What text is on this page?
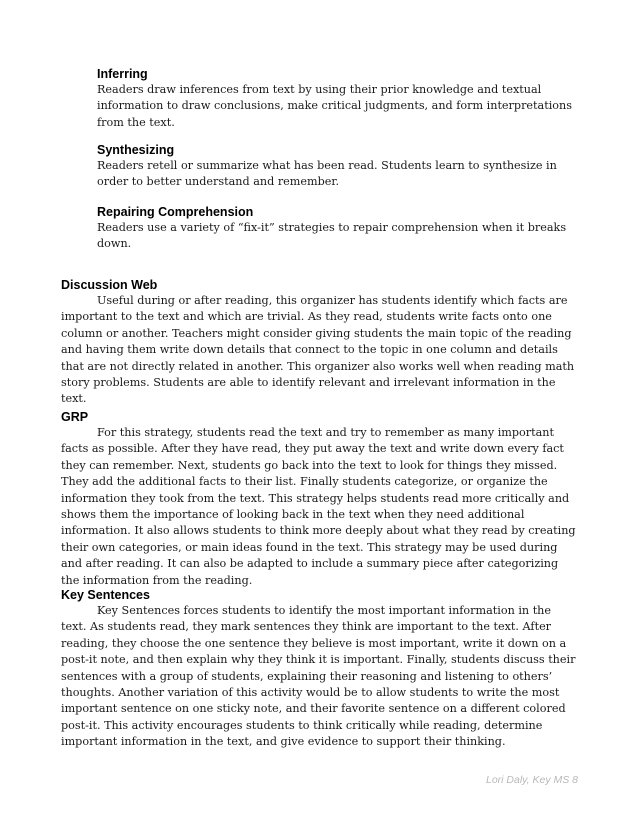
Inferring

Readers draw inferences from text by using their prior knowledge and textual information to draw conclusions, make critical judgments, and form interpretations from the text.

Synthesizing

Readers retell or summarize what has been read. Students learn to synthesize in order to better understand and remember.

Repairing Comprehension

Readers use a variety of “fix-it” strategies to repair comprehension when it breaks down.

Discussion Web

Useful during or after reading, this organizer has students identify which facts are important to the text and which are trivial. As they read, students write facts onto one column or another. Teachers might consider giving students the main topic of the reading and having them write down details that connect to the topic in one column and details that are not directly related in another. This organizer also works well when reading math story problems. Students are able to identify relevant and irrelevant information in the text.

GRP

For this strategy, students read the text and try to remember as many important facts as possible. After they have read, they put away the text and write down every fact they can remember. Next, students go back into the text to look for things they missed. They add the additional facts to their list. Finally students categorize, or organize the information they took from the text. This strategy helps students read more critically and shows them the importance of looking back in the text when they need additional information. It also allows students to think more deeply about what they read by creating their own categories, or main ideas found in the text. This strategy may be used during and after reading. It can also be adapted to include a summary piece after categorizing the information from the reading.

Key Sentences

Key Sentences forces students to identify the most important information in the text. As students read, they mark sentences they think are important to the text. After reading, they choose the one sentence they believe is most important, write it down on a post-it note, and then explain why they think it is important. Finally, students discuss their sentences with a group of students, explaining their reasoning and listening to others’ thoughts. Another variation of this activity would be to allow students to write the most important sentence on one sticky note, and their favorite sentence on a different colored post-it. This activity encourages students to think critically while reading, determine important information in the text, and give evidence to support their thinking.

Lori Daly, Key MS 8
